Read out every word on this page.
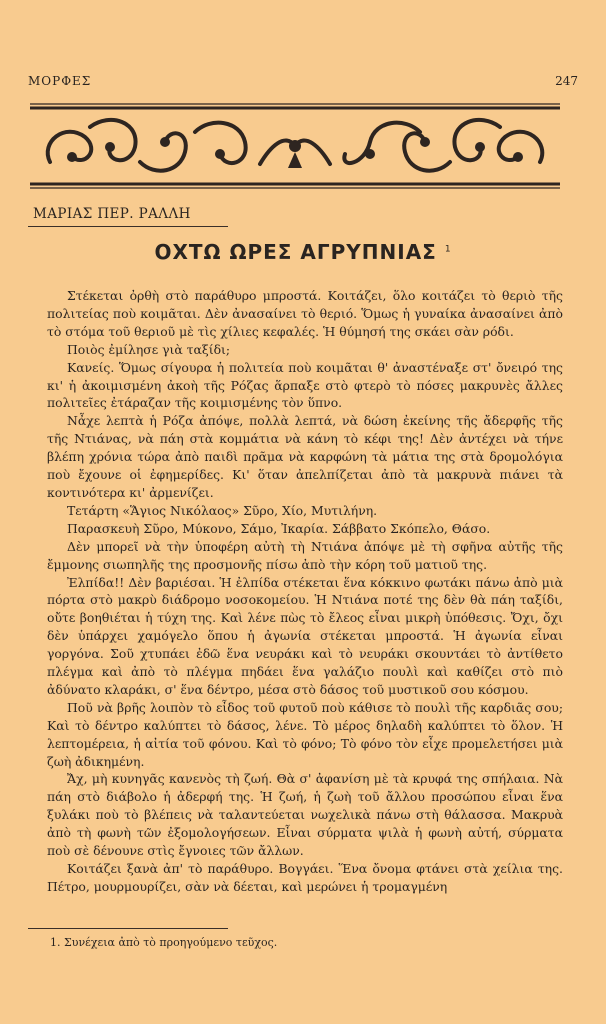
ΜΟΡΦΕΣ	247
ΜΑΡΙΑΣ ΠΕΡ. ΡΑΛΛΗ
ΟΧΤΩ ΩΡΕΣ ΑΓΡΥΠΝΙΑΣ $^1$

Στέκεται ὀρθὴ στὸ παράθυρο μπροστά. Κοιτάζει, ὅλο κοιτάζει τὸ θεριὸ τῆς πολιτείας ποὺ κοιμᾶται. Δὲν ἀνασαίνει τὸ θεριό. Ὅμως ἡ γυναίκα ἀνασαίνει ἀπὸ τὸ στόμα τοῦ θεριοῦ μὲ τὶς χίλιες κεφαλές. Ἡ θύμησή της σκάει σὰν ρόδι.

Ποιὸς ἐμίλησε γιὰ ταξίδι;

Κανείς. Ὅμως σίγουρα ἡ πολιτεία ποὺ κοιμᾶται θ' ἀναστέναξε στ' ὄνειρό της κι' ἡ ἀκοιμισμένη ἀκοὴ τῆς Ρόζας ἅρπαξε στὸ φτερὸ τὸ πόσες μακρυνὲς ἄλλες πολιτεῖες ἐτάραζαν τῆς κοιμισμένης τὸν ὕπνο.

Νἆχε λεπτὰ ἡ Ρόζα ἀπόψε, πολλὰ λεπτά, νὰ δώση ἐκείνης τῆς ἄδερφῆς τῆς τῆς Ντιάνας, νὰ πάη στὰ κομμάτια νὰ κάνη τὸ κέφι της! Δὲν ἀντέχει νὰ τήνε βλέπη χρόνια τώρα ἀπὸ παιδὶ πρᾶμα νὰ καρφώνη τὰ μάτια της στὰ δρομολόγια ποὺ ἔχουνε οἱ ἐφημερίδες. Κι' ὅταν ἀπελπίζεται ἀπὸ τὰ μακρυνὰ πιάνει τὰ κοντινότερα κι' ἀρμενίζει.

Τετάρτη «Ἅγιος Νικόλαος» Σῦρο, Χίο, Μυτιλήνη.

Παρασκευὴ Σῦρο, Μύκονο, Σάμο, Ἰκαρία. Σάββατο Σκόπελο, Θάσο.

Δὲν μπορεῖ νὰ τὴν ὑποφέρη αὐτὴ τὴ Ντιάνα ἀπόψε μὲ τὴ σφῆνα αὐτῆς τῆς ἔμμονης σιωπηλῆς της προσμονῆς πίσω ἀπὸ τὴν κόρη τοῦ ματιοῦ της.

Ἐλπίδα!! Δὲν βαριέσαι. Ἡ ἐλπίδα στέκεται ἕνα κόκκινο φωτάκι πάνω ἀπὸ μιὰ πόρτα στὸ μακρὺ διάδρομο νοσοκομείου. Ἡ Ντιάνα ποτέ της δὲν θὰ πάη ταξίδι, οὔτε βοηθιέται ἡ τύχη της. Καὶ λένε πὼς τὸ ἔλεος εἶναι μικρὴ ὑπόθεσις. Ὄχι, ὄχι δὲν ὑπάρχει χαμόγελο ὅπου ἡ ἀγωνία στέκεται μπροστά. Ἡ ἀγωνία εἶναι γοργόνα. Σοῦ χτυπάει ἐδῶ ἕνα νευράκι καὶ τὸ νευράκι σκουντάει τὸ ἀντίθετο πλέγμα καὶ ἀπὸ τὸ πλέγμα πηδάει ἕνα γαλάζιο πουλὶ καὶ καθίζει στὸ πιὸ ἀδύνατο κλαράκι, σ' ἕνα δέντρο, μέσα στὸ δάσος τοῦ μυστικοῦ σου κόσμου.

Ποῦ νὰ βρῆς λοιπὸν τὸ εἶδος τοῦ φυτοῦ ποὺ κάθισε τὸ πουλὶ τῆς καρδιᾶς σου; Καὶ τὸ δέντρο καλύπτει τὸ δάσος, λένε. Τὸ μέρος δηλαδὴ καλύπτει τὸ ὅλον. Ἡ λεπτομέρεια, ἡ αἰτία τοῦ φόνου. Καὶ τὸ φόνο; Τὸ φόνο τὸν εἶχε προμελετήσει μιὰ ζωὴ ἀδικημένη.

Ἄχ, μὴ κυνηγᾶς κανενὸς τὴ ζωή. Θὰ σ' ἀφανίση μὲ τὰ κρυφά της σπήλαια. Νὰ πάη στὸ διάβολο ἡ ἀδερφή της. Ἡ ζωή, ἡ ζωὴ τοῦ ἄλλου προσώπου εἶναι ἕνα ξυλάκι ποὺ τὸ βλέπεις νὰ ταλαντεύεται νωχελικὰ πάνω στὴ θάλασσα. Μακρυὰ ἀπὸ τὴ φωνὴ τῶν ἐξομολογήσεων. Εἶναι σύρματα ψιλὰ ἡ φωνὴ αὐτή, σύρματα ποὺ σὲ δένουνε στὶς ἔγνοιες τῶν ἄλλων.

Κοιτάζει ξανὰ ἀπ' τὸ παράθυρο. Βογγάει. Ἕνα ὄνομα φτάνει στὰ χείλια της. Πέτρο, μουρμουρίζει, σὰν νὰ δέεται, καὶ μερώνει ἡ τρομαγμένη

1. Συνέχεια ἀπὸ τὸ προηγούμενο τεῦχος.
